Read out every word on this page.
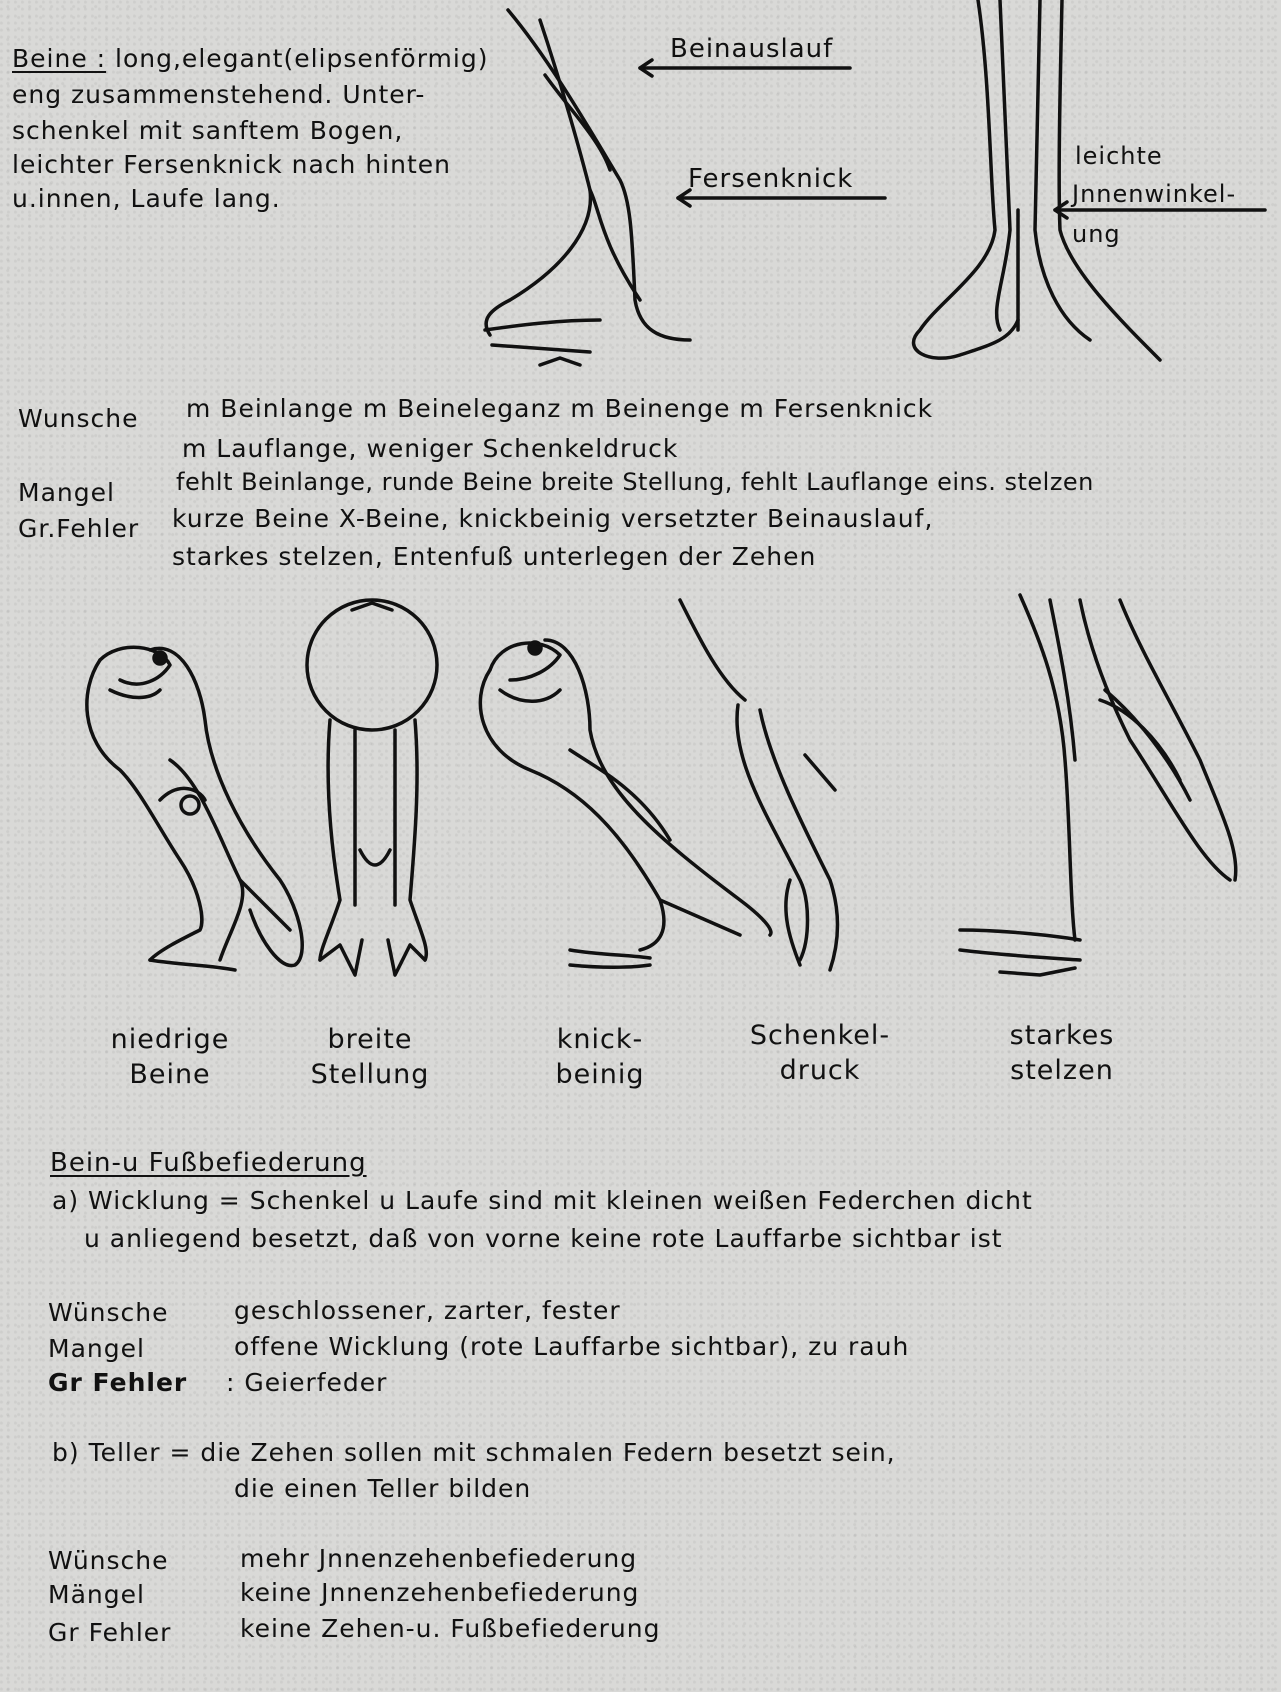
Beine : long,elegant(elipsenförmig)
eng zusammenstehend. Unter-
schenkel mit sanftem Bogen,
leichter Fersenknick nach hinten
u.innen, Laufe lang.
Beinauslauf
Fersenknick
leichte
Jnnenwinkel-
ung
Wunsche m Beinlange m Beineleganz m Beinenge m Fersenknick
m Lauflange, weniger Schenkeldruck
Mangel	fehlt Beinlange, runde Beine breite Stellung, fehlt Lauflange eins. stelzen
Gr.Fehler kurze Beine X-Beine, knickbeinig versetzter Beinauslauf,
starkes stelzen, Entenfuß unterlegen der Zehen
niedrige
Beine
breite
Stellung
knick-
beinig
Schenkel-
druck
starkes
stelzen
Bein-u Fußbefiederung
a) Wicklung = Schenkel u Laufe sind mit kleinen weißen Federchen dicht
u anliegend besetzt, daß von vorne keine rote Lauffarbe sichtbar ist
Wünsche	geschlossener, zarter, fester
Mangel	offene Wicklung (rote Lauffarbe sichtbar), zu rauh
Gr Fehler : Geierfeder
b) Teller = die Zehen sollen mit schmalen Federn besetzt sein,
die einen Teller bilden
Wünsche	mehr Jnnenzehenbefiederung
Mängel	keine Jnnenzehenbefiederung
Gr Fehler	keine Zehen-u. Fußbefiederung
